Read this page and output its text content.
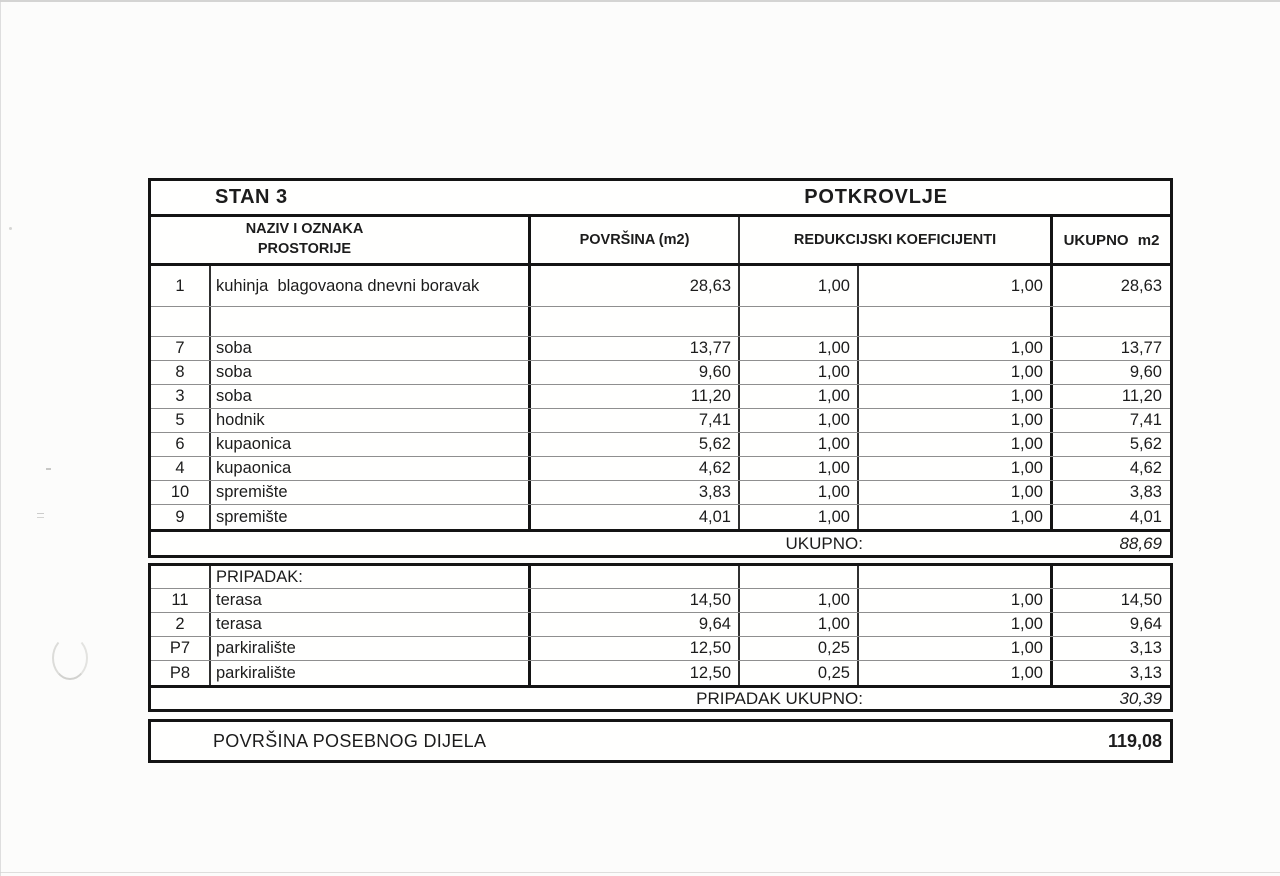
STAN 3	POTKROVLJE
NAZIV I OZNAKA
PROSTORIJE
POVRŠINA (m2)	REDUKCIJSKI KOEFICIJENTI	UKUPNO m2
1	kuhinja  blagovaona dnevni boravak	28,63	1,00	1,00	28,63
7	soba	13,77	1,00	1,00	13,77
8	soba	9,60	1,00	1,00	9,60
3	soba	11,20	1,00	1,00	11,20
5	hodnik	7,41	1,00	1,00	7,41
6	kupaonica	5,62	1,00	1,00	5,62
4	kupaonica	4,62	1,00	1,00	4,62
10	spremište	3,83	1,00	1,00	3,83
9	spremište	4,01	1,00	1,00	4,01
UKUPNO:	88,69
PRIPADAK:
11	terasa	14,50	1,00	1,00	14,50
2	terasa	9,64	1,00	1,00	9,64
P7	parkiralište	12,50	0,25	1,00	3,13
P8	parkiralište	12,50	0,25	1,00	3,13
PRIPADAK UKUPNO:	30,39
POVRŠINA POSEBNOG DIJELA	119,08
